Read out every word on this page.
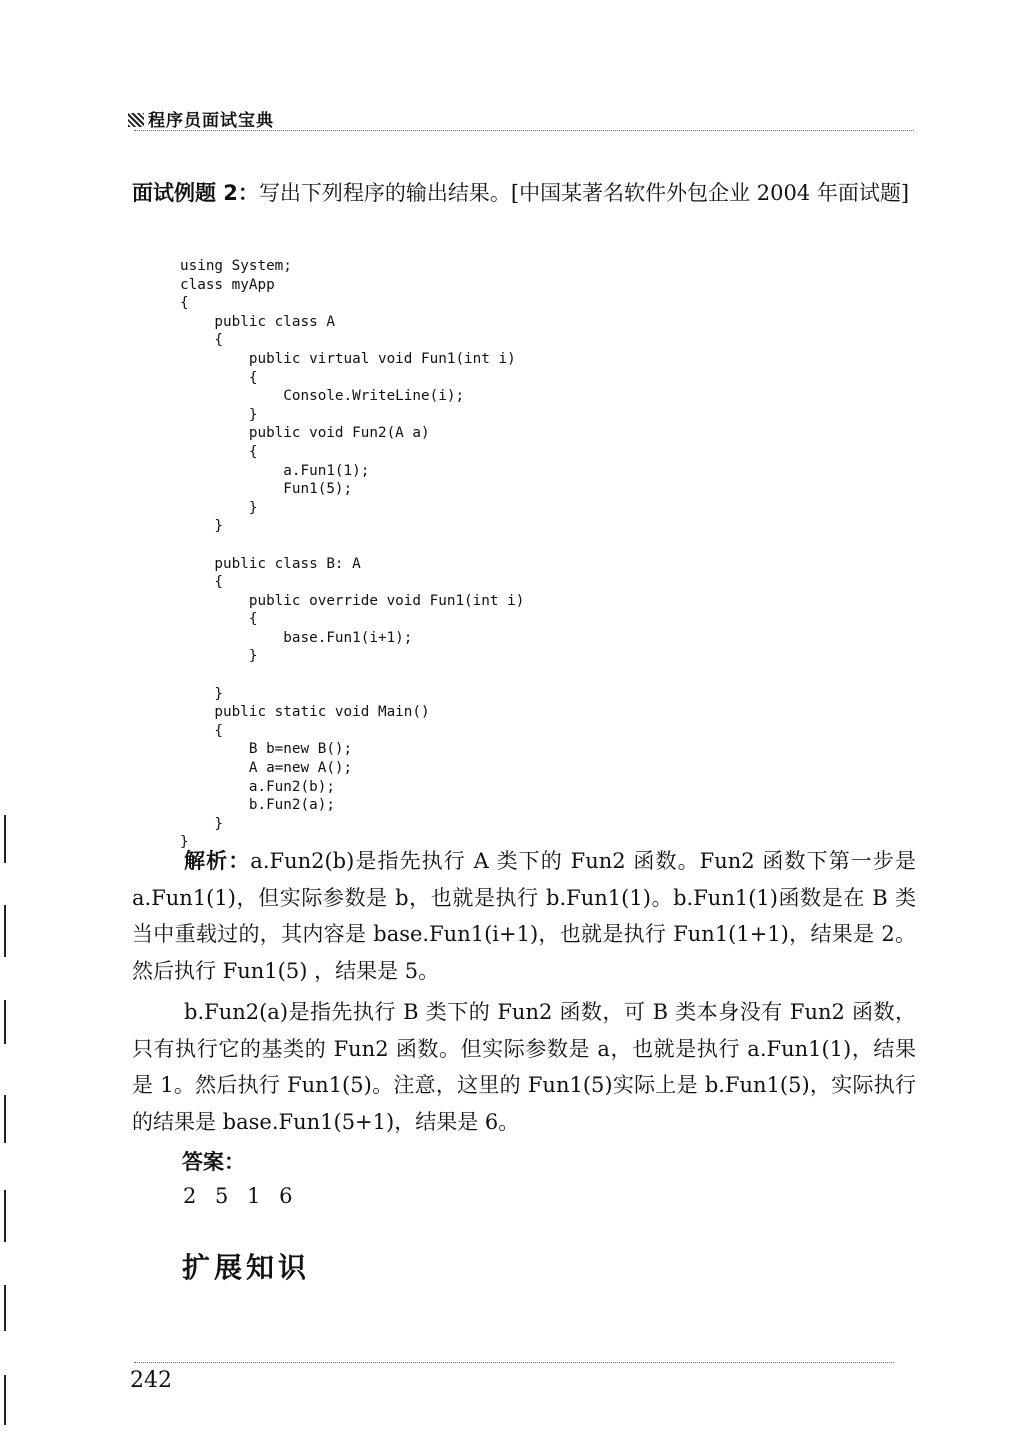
程序员面试宝典

面试例题 2：写出下列程序的输出结果。[中国某著名软件外包企业 2004 年面试题]

using System;
class myApp
{
public class A
{
public virtual void Fun1(int i)
{
Console.WriteLine(i);
}
public void Fun2(A a)
{
a.Fun1(1);
Fun1(5);
}
}

public class B: A
{
public override void Fun1(int i)
{
base.Fun1(i+1);
}

}
public static void Main()
{
B b=new B();
A a=new A();
a.Fun2(b);
b.Fun2(a);
}
}

解析：a.Fun2(b)是指先执行 A 类下的 Fun2 函数。Fun2 函数下第一步是 a.Fun1(1)，但实际参数是 b，也就是执行 b.Fun1(1)。b.Fun1(1)函数是在 B 类当中重载过的，其内容是 base.Fun1(i+1)，也就是执行 Fun1(1+1)，结果是 2。然后执行 Fun1(5) ，结果是 5。

b.Fun2(a)是指先执行 B 类下的 Fun2 函数，可 B 类本身没有 Fun2 函数，只有执行它的基类的 Fun2 函数。但实际参数是 a，也就是执行 a.Fun1(1)，结果是 1。然后执行 Fun1(5)。注意，这里的 Fun1(5)实际上是 b.Fun1(5)，实际执行的结果是 base.Fun1(5+1)，结果是 6。

答案：
2 5 1 6
扩展知识
242
